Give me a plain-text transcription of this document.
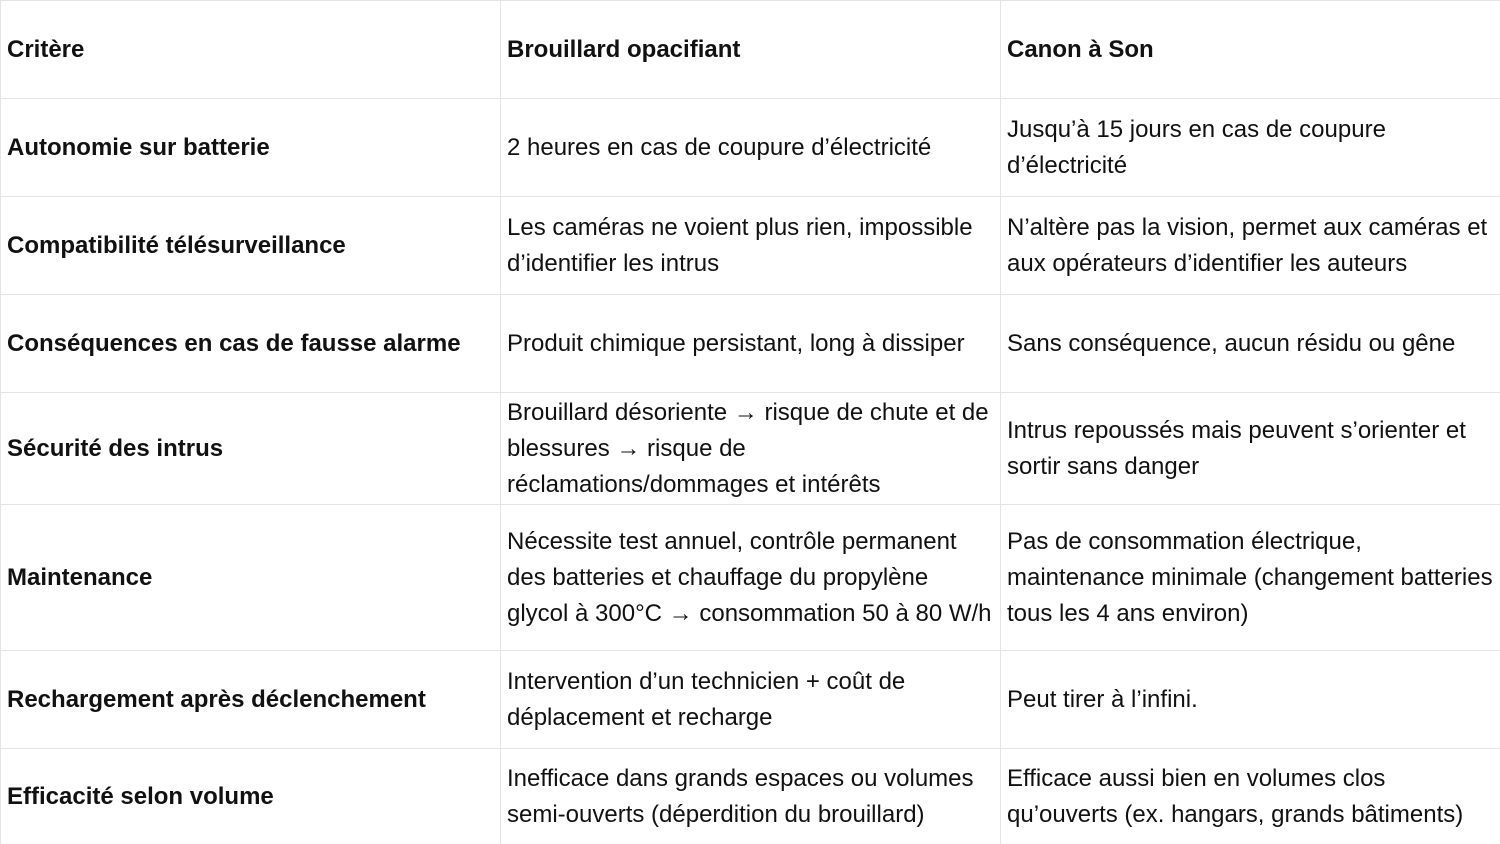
Critère	Brouillard opacifiant	Canon à Son
Autonomie sur batterie	2 heures en cas de coupure d’électricité	Jusqu’à 15 jours en cas de coupure d’électricité
Compatibilité télésurveillance	Les caméras ne voient plus rien, impossible d’identifier les intrus	N’altère pas la vision, permet aux caméras et aux opérateurs d’identifier les auteurs
Conséquences en cas de fausse alarme	Produit chimique persistant, long à dissiper	Sans conséquence, aucun résidu ou gêne
Sécurité des intrus	Brouillard désoriente → risque de chute et de blessures → risque de réclamations/dommages et intérêts	Intrus repoussés mais peuvent s’orienter et sortir sans danger
Maintenance	Nécessite test annuel, contrôle permanent des batteries et chauffage du propylène glycol à 300°C → consommation 50 à 80 W/h	Pas de consommation électrique, maintenance minimale (changement batteries tous les 4 ans environ)
Rechargement après déclenchement	Intervention d’un technicien + coût de déplacement et recharge	Peut tirer à l’infini.
Efficacité selon volume	Inefficace dans grands espaces ou volumes semi-ouverts (déperdition du brouillard)	Efficace aussi bien en volumes clos qu’ouverts (ex. hangars, grands bâtiments)
